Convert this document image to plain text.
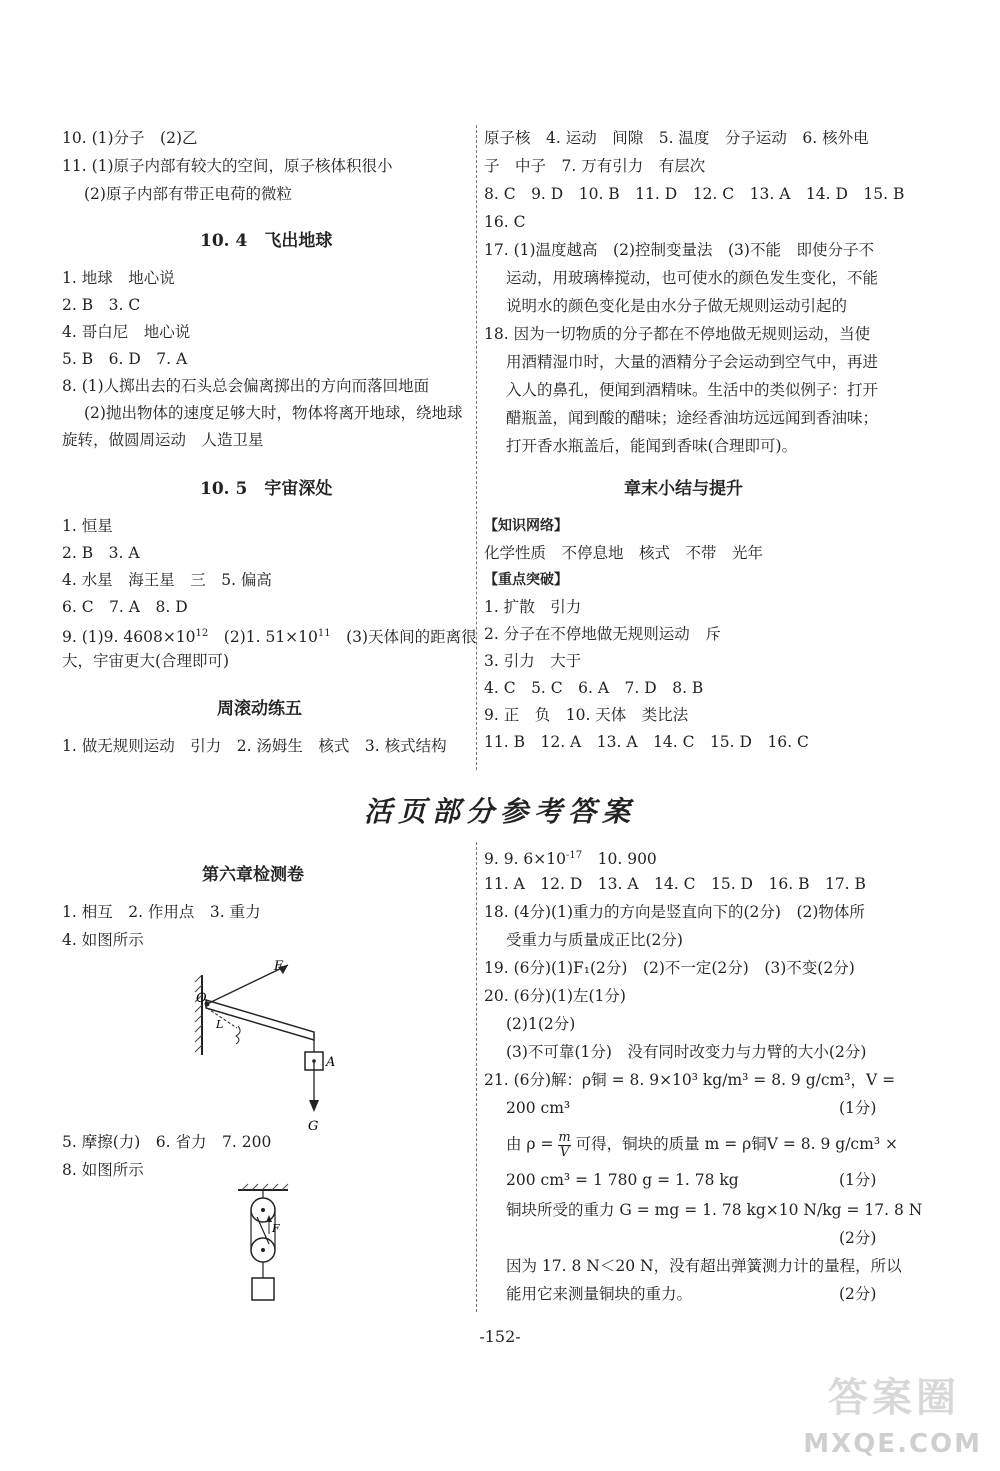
10. (1)分子　(2)乙
11. (1)原子内部有较大的空间，原子核体积很小
(2)原子内部有带正电荷的微粒
10. 4　飞出地球
1. 地球　地心说
2. B　3. C
4. 哥白尼　地心说
5. B　6. D　7. A
8. (1)人掷出去的石头总会偏离掷出的方向而落回地面
(2)抛出物体的速度足够大时，物体将离开地球，绕地球
旋转，做圆周运动　人造卫星
10. 5　宇宙深处
1. 恒星
2. B　3. A
4. 水星　海王星　三　5. 偏高
6. C　7. A　8. D
9. (1)9. $4608\times 10^{12}$　(2)1. $51\times 10^{11}$　(3)天体间的距离很
大，宇宙更大(合理即可)
周滚动练五
1. 做无规则运动　引力　2. 汤姆生　核式　3. 核式结构
原子核　4. 运动　间隙　5. 温度　分子运动　6. 核外电
子　中子　7. 万有引力　有层次
8. C　9. D　10. B　11. D　12. C　13. A　14. D　15. B
16. C
17. (1)温度越高　(2)控制变量法　(3)不能　即使分子不
运动，用玻璃棒搅动，也可使水的颜色发生变化，不能
说明水的颜色变化是由水分子做无规则运动引起的
18. 因为一切物质的分子都在不停地做无规则运动，当使
用酒精湿巾时，大量的酒精分子会运动到空气中，再进
入人的鼻孔，便闻到酒精味。生活中的类似例子：打开
醋瓶盖，闻到酸的醋味；途经香油坊远远闻到香油味；
打开香水瓶盖后，能闻到香味(合理即可)。
章末小结与提升
【知识网络】
化学性质　不停息地　核式　不带　光年
【重点突破】
1. 扩散　引力
2. 分子在不停地做无规则运动　斥
3. 引力　大于
4. C　5. C　6. A　7. D　8. B
9. 正　负　10. 天体　类比法
11. B　12. A　13. A　14. C　15. D　16. C
活页部分参考答案
第六章检测卷
1. 相互　2. 作用点　3. 重力
4. 如图所示
F
O
L
A
G
5. 摩擦(力)　6. 省力　7. 200
8. 如图所示
F
9. 9. $6\times 10^{-17}$　10. 900
11. A　12. D　13. A　14. C　15. D　16. B　17. B
18. (4分)(1)重力的方向是竖直向下的(2分)　(2)物体所
受重力与质量成正比(2分)
19. (6分)(1)F₁(2分)　(2)不一定(2分)　(3)不变(2分)
20. (6分)(1)左(1分)
(2)1(2分)
(3)不可靠(1分)　没有同时改变力与力臂的大小(2分)
21. (6分)解：ρ铜 = 8. 9×10³ kg/m³ = 8. 9 g/cm³，V =
200 cm³	(1分)
由 $\rho = \frac{m}{V}$ 可得，铜块的质量 m = ρ铜V = 8. 9 g/cm³ ×
200 cm³ = 1 780 g = 1. 78 kg	(1分)
铜块所受的重力 G = mg = 1. 78 kg×10 N/kg = 17. 8 N
(2分)
因为 17. 8 N＜20 N，没有超出弹簧测力计的量程，所以
能用它来测量铜块的重力。	(2分)
-152-
答案圈
MXQE.COM
